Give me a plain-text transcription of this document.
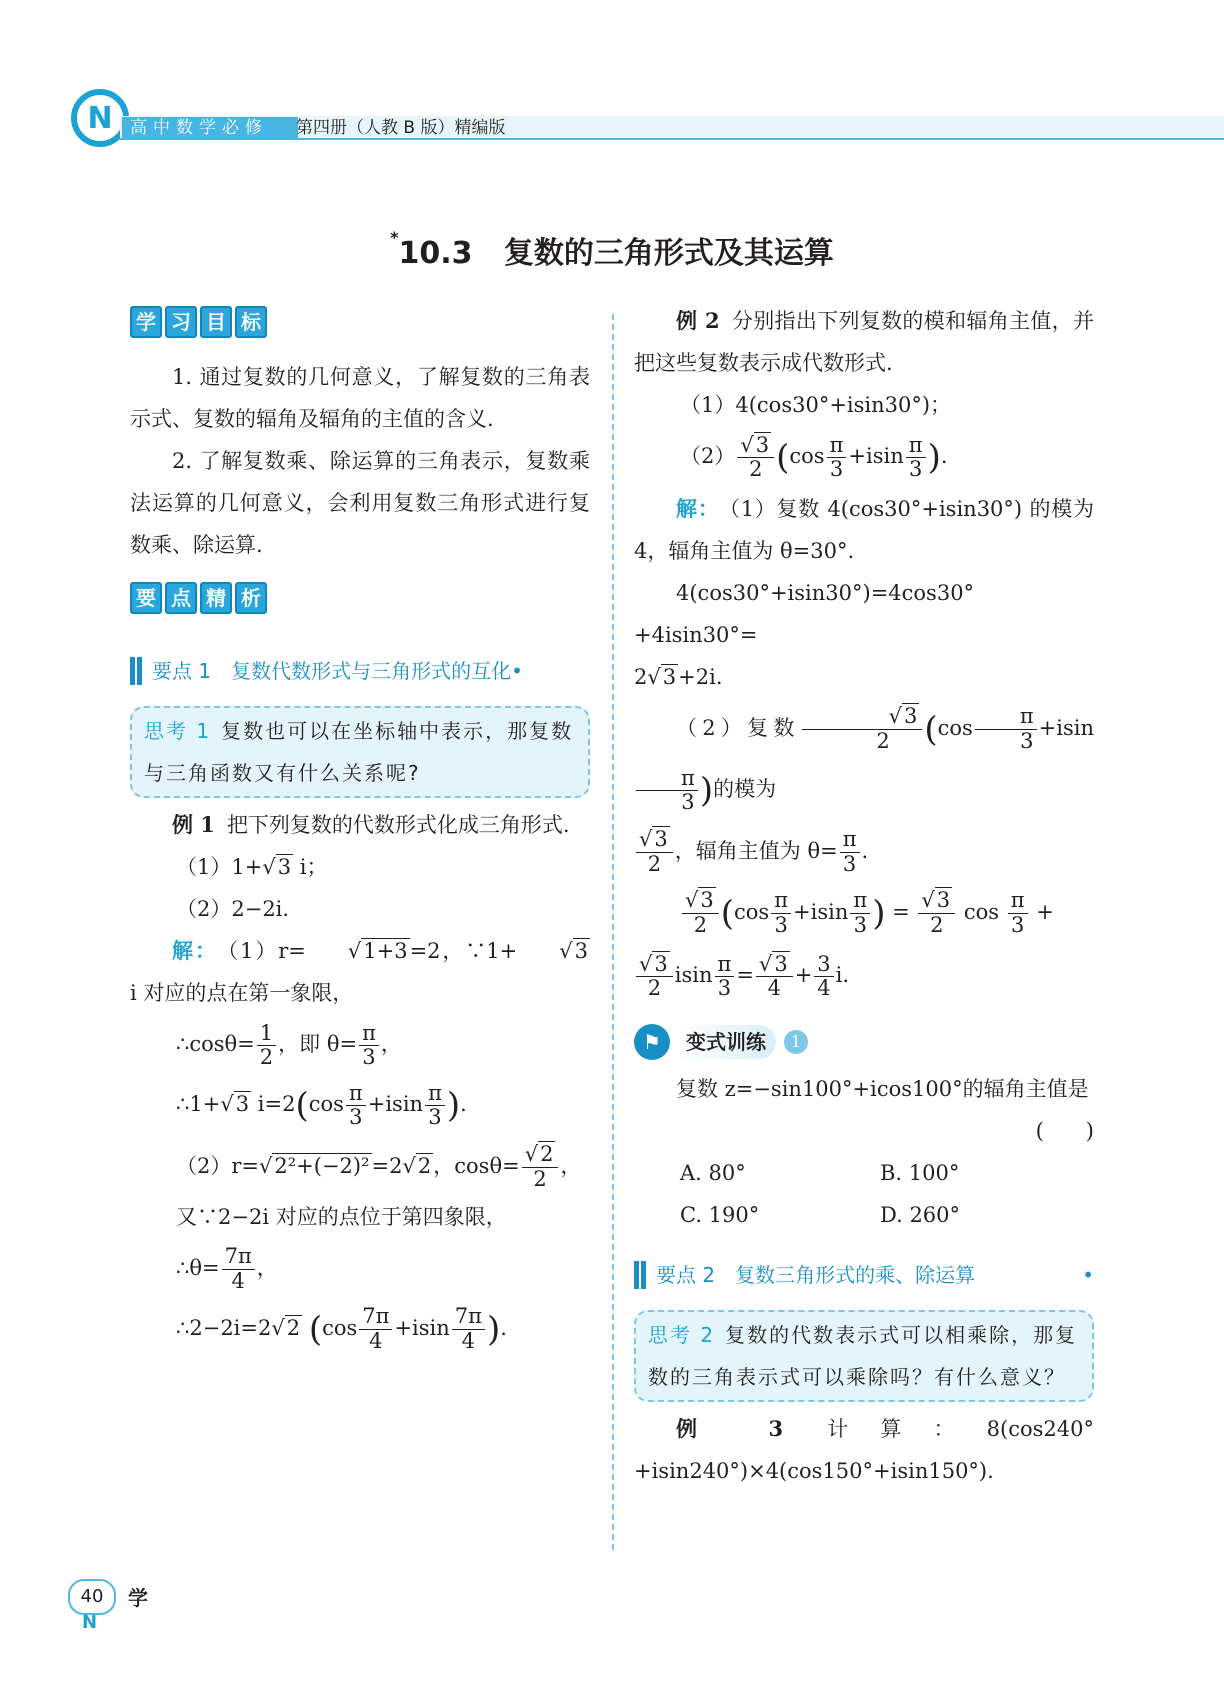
N	高中数学必修	第四册（人教 B 版）精编版
*10.3 复数的三角形式及其运算
学 习 目 标

1. 通过复数的几何意义，了解复数的三角表示式、复数的辐角及辐角的主值的含义.

2. 了解复数乘、除运算的三角表示，复数乘法运算的几何意义，会利用复数三角形式进行复数乘、除运算.

要 点 精 析
要点 1　复数代数形式与三角形式的互化 •
思考 1 复数也可以在坐标轴中表示，那复数与三角函数又有什么关系呢?

例 1 把下列复数的代数形式化成三角形式.

（1）1+√3 i；

（2）2−2i.

解： （1）r= √1+3=2，∵1+ √3 i 对应的点在第一象限，

∴cosθ= $\frac{1}{2}$ ，即 $\theta= \frac{\pi}{3}$ ，

∴1+√3 $i=2(\cos \frac{\pi}{3} +isin \frac{\pi}{3}$ ).

（2）r=√2²+(−2)²=2√2，$\cos\theta= \frac{√2}{2}$ ，

又∵2−2i 对应的点位于第四象限，

∴θ= $\frac{7\pi}{4}$ ，

∴2−2i=2√2 ($\cos \frac{7\pi}{4} +isin \frac{7\pi}{4}$ ).

例 2 分别指出下列复数的模和辐角主值，并把这些复数表示成代数形式.

（1）4(cos30°+isin30°)；

$(2) \frac{√3}{2} (\cos \frac{\pi}{3} +isin \frac{\pi}{3}$ ).

解： （1）复数 4(cos30°+isin30°) 的模为 4，辐角主值为 θ=30°.

4(cos30°+isin30°)=4cos30°+4isin30°=

2√3+2i.

（2）复数 $\frac{√3}{2} (\cos \frac{\pi}{3} +isin$
$\frac{\pi}{3}$ )的模为

$\frac{√3}{2}$ ，辐角主值为 $\theta= \frac{\pi}{3}$ .

$\frac{√3}{2} (\cos \frac{\pi}{3} +isin \frac{\pi}{3}$ ) = $\frac{√3}{2}$ $\cos \frac{\pi}{3}$ +

$\frac{√3}{2}$ isin $\frac{\pi}{3} = \frac{√3}{4} + \frac{3}{4} i$.

⚑	变式训练	1

复数 z=−sin100°+icos100°的辐角主值是

(　　)

A. 80°	B. 100°
C. 190°	D. 260°
要点 2　复数三角形式的乘、除运算	•
思考 2 复数的代数表示式可以相乘除，那复数的三角表示式可以乘除吗？有什么意义？

例 3 计算：8(cos240°+isin240°)×4(cos150°+isin150°).

40
N
学
